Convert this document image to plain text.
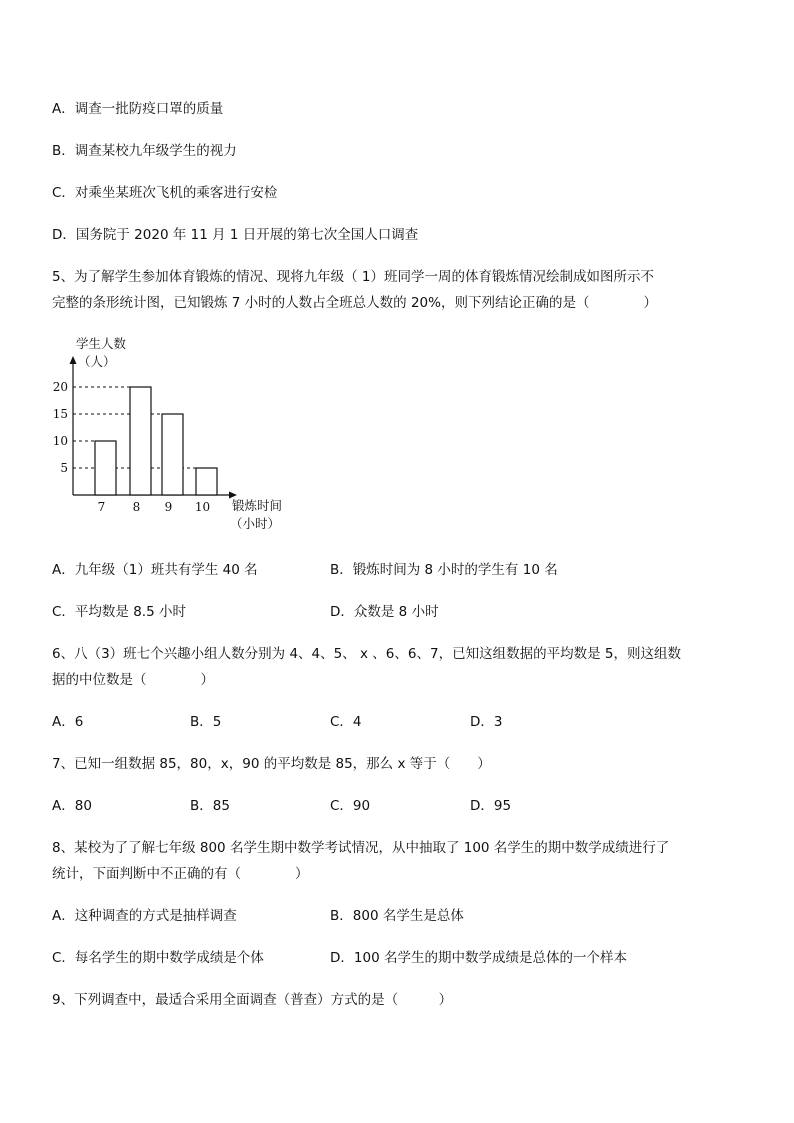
A．调查一批防疫口罩的质量
B．调查某校九年级学生的视力
C．对乘坐某班次飞机的乘客进行安检
D．国务院于 2020 年 11 月 1 日开展的第七次全国人口调查
5、为了解学生参加体育锻炼的情况、现将九年级（ 1）班同学一周的体育锻炼情况绘制成如图所示不
完整的条形统计图，已知锻炼 7 小时的人数占全班总人数的 20%，则下列结论正确的是（　　　　）
学生人数
（人）
锻炼时间
（小时）
5
10
15
20
7 8 9 10
A．九年级（1）班共有学生 40 名	B．锻炼时间为 8 小时的学生有 10 名
C．平均数是 8.5 小时	D．众数是 8 小时
6、八（3）班七个兴趣小组人数分别为 4、4、5、 x 、6、6、7，已知这组数据的平均数是 5，则这组数
据的中位数是（　　　　）
A．6	B．5	C．4	D．3
7、已知一组数据 85，80，x，90 的平均数是 85，那么 x 等于（　　）
A．80	B．85	C．90	D．95
8、某校为了了解七年级 800 名学生期中数学考试情况，从中抽取了 100 名学生的期中数学成绩进行了
统计，下面判断中不正确的有（　　　　）
A．这种调查的方式是抽样调查	B．800 名学生是总体
C．每名学生的期中数学成绩是个体	D．100 名学生的期中数学成绩是总体的一个样本
9、下列调查中，最适合采用全面调查（普查）方式的是（　　　）
